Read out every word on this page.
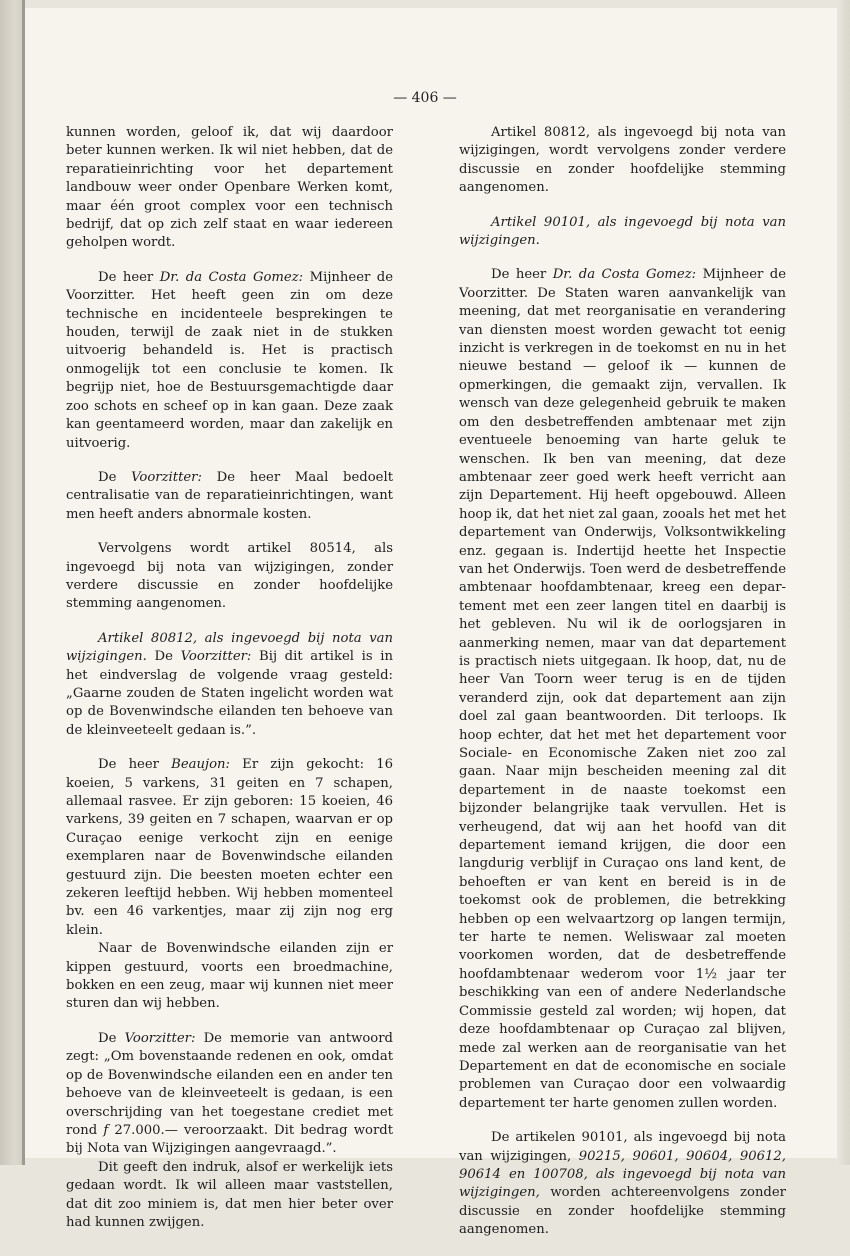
— 406 —

kunnen worden, geloof ik, dat wij daardoor beter kunnen werken. Ik wil niet hebben, dat de reparatieinrichting voor het departement landbouw weer onder Openbare Werken komt, maar één groot complex voor een technisch bedrijf, dat op zich zelf staat en waar iedereen geholpen wordt.

De heer Dr. da Costa Gomez: Mijnheer de Voorzitter. Het heeft geen zin om deze technische en incidenteele besprekingen te houden, terwijl de zaak niet in de stukken uitvoerig behandeld is. Het is practisch onmogelijk tot een conclusie te komen. Ik begrijp niet, hoe de Bestuursgemachtigde daar zoo schots en scheef op in kan gaan. Deze zaak kan geentameerd worden, maar dan zakelijk en uitvoerig.

De Voorzitter: De heer Maal bedoelt centralisatie van de reparatieinrichtingen, want men heeft anders abnormale kosten.

Vervolgens wordt artikel 80514, als ingevoegd bij nota van wijzigingen, zonder verdere discussie en zonder hoofdelijke stemming aangenomen.

Artikel 80812, als ingevoegd bij nota van wijzigingen. De Voorzitter: Bij dit artikel is in het eindverslag de volgende vraag gesteld: „Gaarne zouden de Staten ingelicht worden wat op de Bovenwindsche eilanden ten behoeve van de kleinveeteelt gedaan is.”.

De heer Beaujon: Er zijn gekocht: 16 koeien, 5 varkens, 31 geiten en 7 schapen, allemaal rasvee. Er zijn geboren: 15 koeien, 46 varkens, 39 geiten en 7 schapen, waarvan er op Curaçao eenige verkocht zijn en eenige exemplaren naar de Bovenwindsche eilanden gestuurd zijn. Die beesten moeten echter een zekeren leeftijd hebben. Wij hebben momenteel bv. een 46 varkentjes, maar zij zijn nog erg klein.

Naar de Bovenwindsche eilanden zijn er kippen gestuurd, voorts een broedmachine, bokken en een zeug, maar wij kunnen niet meer sturen dan wij hebben.

De Voorzitter: De memorie van antwoord zegt: „Om bovenstaande redenen en ook, omdat op de Bovenwindsche eilanden een en ander ten behoeve van de kleinveeteelt is gedaan, is een overschrijding van het toegestane crediet met rond f 27.000.— veroorzaakt. Dit bedrag wordt bij Nota van Wijzigingen aangevraagd.”.

Dit geeft den indruk, alsof er werkelijk iets gedaan wordt. Ik wil alleen maar vaststellen, dat dit zoo miniem is, dat men hier beter over had kunnen zwijgen.

Artikel 80812, als ingevoegd bij nota van wijzigingen, wordt vervolgens zonder verdere discussie en zonder hoofdelijke stemming aangenomen.

Artikel 90101, als ingevoegd bij nota van wijzigingen.

De heer Dr. da Costa Gomez: Mijnheer de Voorzitter. De Staten waren aanvankelijk van meening, dat met reorganisatie en verandering van diensten moest worden gewacht tot eenig inzicht is verkregen in de toekomst en nu in het nieuwe bestand — geloof ik — kunnen de opmerkingen, die gemaakt zijn, vervallen. Ik wensch van deze gelegenheid gebruik te maken om den desbetreffenden ambtenaar met zijn eventueele benoeming van harte geluk te wenschen. Ik ben van meening, dat deze ambtenaar zeer goed werk heeft verricht aan zijn Departement. Hij heeft opgebouwd. Alleen hoop ik, dat het niet zal gaan, zooals het met het departement van Onderwijs, Volksontwikkeling enz. gegaan is. Indertijd heette het Inspectie van het Onderwijs. Toen werd de desbetreffende ambtenaar hoofdambtenaar, kreeg een departement met een zeer langen titel en daarbij is het gebleven. Nu wil ik de oorlogsjaren in aanmerking nemen, maar van dat departement is practisch niets uitgegaan. Ik hoop, dat, nu de heer Van Toorn weer terug is en de tijden veranderd zijn, ook dat departement aan zijn doel zal gaan beantwoorden. Dit terloops. Ik hoop echter, dat het met het departement voor Sociale- en Economische Zaken niet zoo zal gaan. Naar mijn bescheiden meening zal dit departement in de naaste toekomst een bijzonder belangrijke taak vervullen. Het is verheugend, dat wij aan het hoofd van dit departement iemand krijgen, die door een langdurig verblijf in Curaçao ons land kent, de behoeften er van kent en bereid is in de toekomst ook de problemen, die betrekking hebben op een welvaartzorg op langen termijn, ter harte te nemen. Weliswaar zal moeten voorkomen worden, dat de desbetreffende hoofdambtenaar wederom voor 1½ jaar ter beschikking van een of andere Nederlandsche Commissie gesteld zal worden; wij hopen, dat deze hoofdambtenaar op Curaçao zal blijven, mede zal werken aan de reorganisatie van het Departement en dat de economische en sociale problemen van Curaçao door een volwaardig departement ter harte genomen zullen worden.

De artikelen 90101, als ingevoegd bij nota van wijzigingen, 90215, 90601, 90604, 90612, 90614 en 100708, als ingevoegd bij nota van wijzigingen, worden achtereenvolgens zonder discussie en zonder hoofdelijke stemming aangenomen.
